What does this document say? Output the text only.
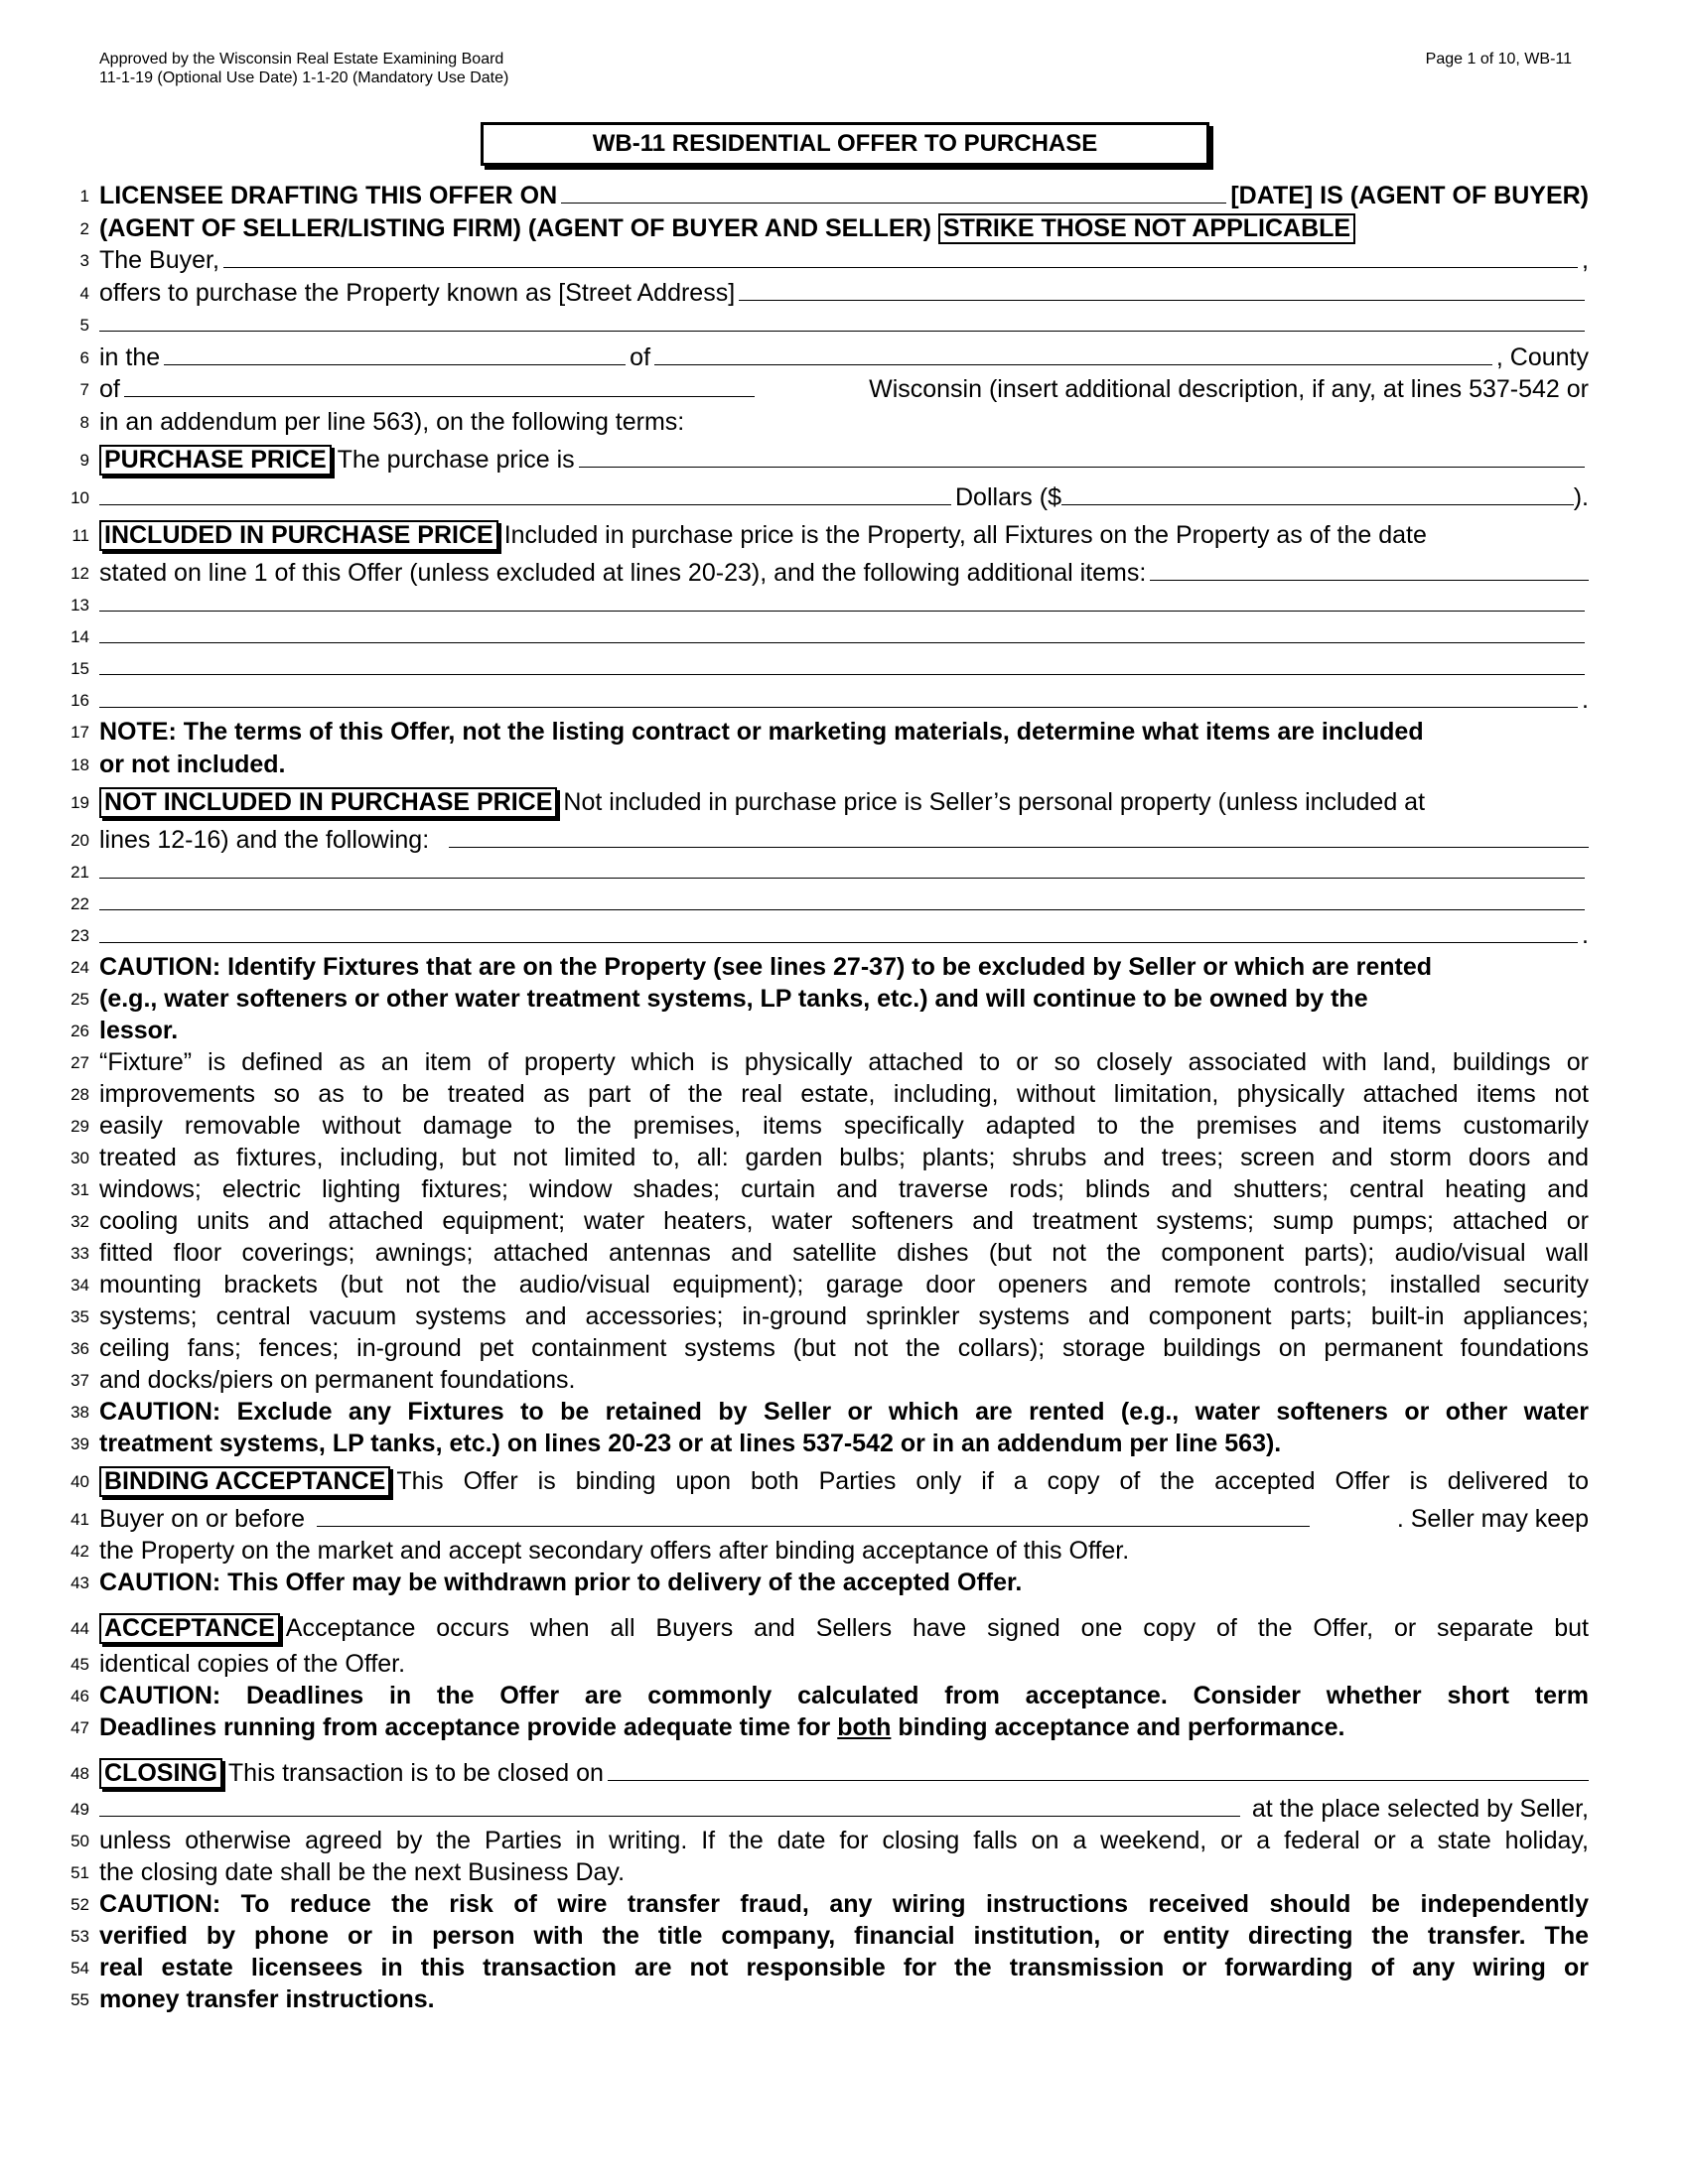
Approved by the Wisconsin Real Estate Examining Board
11-1-19 (Optional Use Date) 1-1-20 (Mandatory Use Date)
Page 1 of 10, WB-11
WB-11 RESIDENTIAL OFFER TO PURCHASE
1 LICENSEE DRAFTING THIS OFFER ON	[DATE] IS (AGENT OF BUYER)
2 (AGENT OF SELLER/LISTING FIRM) (AGENT OF BUYER AND SELLER)
STRIKE THOSE NOT APPLICABLE
3 The Buyer,	,
4 offers to purchase the Property known as [Street Address]
5
6 in the	of	, County
7 of	Wisconsin (insert additional description, if any, at lines 537-542 or
8 in an addendum per line 563), on the following terms:
9 PURCHASE PRICE The purchase price is
10	Dollars ($	).
11 INCLUDED IN PURCHASE PRICE Included in purchase price is the Property, all Fixtures on the Property as of the date
12 stated on line 1 of this Offer (unless excluded at lines 20-23), and the following additional items:
13
14
15
16	.
17 NOTE: The terms of this Offer, not the listing contract or marketing materials, determine what items are included
18 or not included.
19 NOT INCLUDED IN PURCHASE PRICE Not included in purchase price is Seller’s personal property (unless included at
20 lines 12-16) and the following:
21
22
23	.
24 CAUTION: Identify Fixtures that are on the Property (see lines 27-37) to be excluded by Seller or which are rented
25 (e.g., water softeners or other water treatment systems, LP tanks, etc.) and will continue to be owned by the
26 lessor.
27 “Fixture” is defined as an item of property which is physically attached to or so closely associated with land, buildings or
28 improvements so as to be treated as part of the real estate, including, without limitation, physically attached items not
29 easily removable without damage to the premises, items specifically adapted to the premises and items customarily
30 treated as fixtures, including, but not limited to, all: garden bulbs; plants; shrubs and trees; screen and storm doors and
31 windows; electric lighting fixtures; window shades; curtain and traverse rods; blinds and shutters; central heating and
32 cooling units and attached equipment; water heaters, water softeners and treatment systems; sump pumps; attached or
33 fitted floor coverings; awnings; attached antennas and satellite dishes (but not the component parts); audio/visual wall
34 mounting brackets (but not the audio/visual equipment); garage door openers and remote controls; installed security
35 systems; central vacuum systems and accessories; in-ground sprinkler systems and component parts; built-in appliances;
36 ceiling fans; fences; in-ground pet containment systems (but not the collars); storage buildings on permanent foundations
37 and docks/piers on permanent foundations.
38 CAUTION: Exclude any Fixtures to be retained by Seller or which are rented (e.g., water softeners or other water
39 treatment systems, LP tanks, etc.) on lines 20-23 or at lines 537-542 or in an addendum per line 563).
40 BINDING ACCEPTANCE This Offer is binding upon both Parties only if a copy of the accepted Offer is delivered to
41 Buyer on or before	. Seller may keep
42 the Property on the market and accept secondary offers after binding acceptance of this Offer.
43 CAUTION: This Offer may be withdrawn prior to delivery of the accepted Offer.
44 ACCEPTANCE Acceptance occurs when all Buyers and Sellers have signed one copy of the Offer, or separate but
45 identical copies of the Offer.
46 CAUTION: Deadlines in the Offer are commonly calculated from acceptance. Consider whether short term
47 Deadlines running from acceptance provide adequate time for
both
binding acceptance and performance.
48 CLOSING This transaction is to be closed on
49	at the place selected by Seller,
50 unless otherwise agreed by the Parties in writing. If the date for closing falls on a weekend, or a federal or a state holiday,
51 the closing date shall be the next Business Day.
52 CAUTION: To reduce the risk of wire transfer fraud, any wiring instructions received should be independently
53 verified by phone or in person with the title company, financial institution, or entity directing the transfer. The
54 real estate licensees in this transaction are not responsible for the transmission or forwarding of any wiring or
55 money transfer instructions.
